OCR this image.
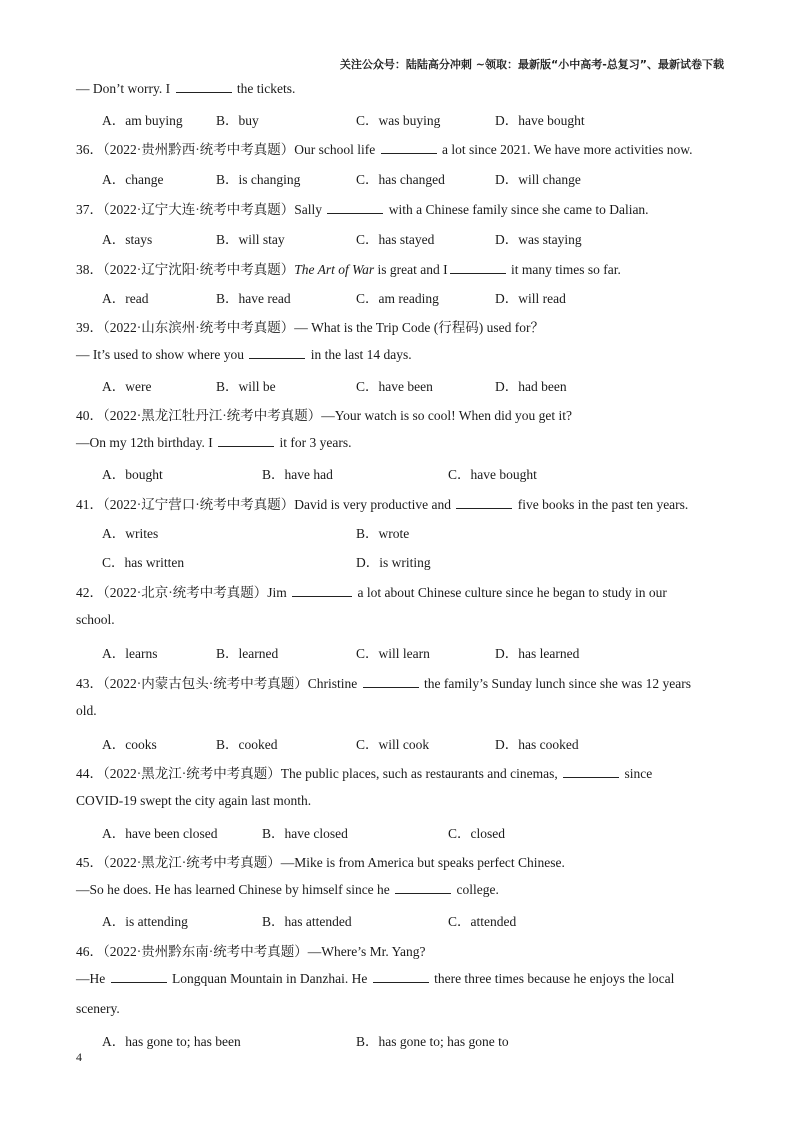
关注公众号：陆陆高分冲刺 ~领取：最新版“小中高考-总复习”、最新试卷下载
— Don’t worry. I	the tickets.
A．am buying B．buy	C．was buying	D．have bought
36．（2022·贵州黔西·统考中考真题）Our school life	a lot since 2021. We have more activities now.
A．change	B．is changing	C．has changed	D．will change
37．（2022·辽宁大连·统考中考真题）Sally	with a Chinese family since she came to Dalian.
A．stays	B．will stay	C．has stayed	D．was staying
38．（2022·辽宁沈阳·统考中考真题）The Art of War is great and I	it many times so far.
A．read	B．have read	C．am reading	D．will read
39．（2022·山东滨州·统考中考真题）— What is the Trip Code (行程码) used for？
— It’s used to show where you	in the last 14 days.
A．were	B．will be	C．have been	D．had been
40．（2022·黑龙江牡丹江·统考中考真题）—Your watch is so cool! When did you get it?
—On my 12th birthday. I	it for 3 years.
A．bought	B．have had	C．have bought
41．（2022·辽宁营口·统考中考真题）David is very productive and	five books in the past ten years.
A．writes	B．wrote
C．has written	D．is writing
42．（2022·北京·统考中考真题）Jim	a lot about Chinese culture since he began to study in our
school.
A．learns	B．learned	C．will learn	D．has learned
43．（2022·内蒙古包头·统考中考真题）Christine	the family’s Sunday lunch since she was 12 years
old.
A．cooks	B．cooked	C．will cook	D．has cooked
44．（2022·黑龙江·统考中考真题）The public places, such as restaurants and cinemas,	since
COVID-19 swept the city again last month.
A．have been closed	B．have closed	C．closed
45．（2022·黑龙江·统考中考真题）—Mike is from America but speaks perfect Chinese.
—So he does. He has learned Chinese by himself since he	college.
A．is attending	B．has attended	C．attended
46．（2022·贵州黔东南·统考中考真题）—Where’s Mr. Yang?
—He	Longquan Mountain in Danzhai. He	there three times because he enjoys the local
scenery.
A．has gone to; has been	B．has gone to; has gone to
4
